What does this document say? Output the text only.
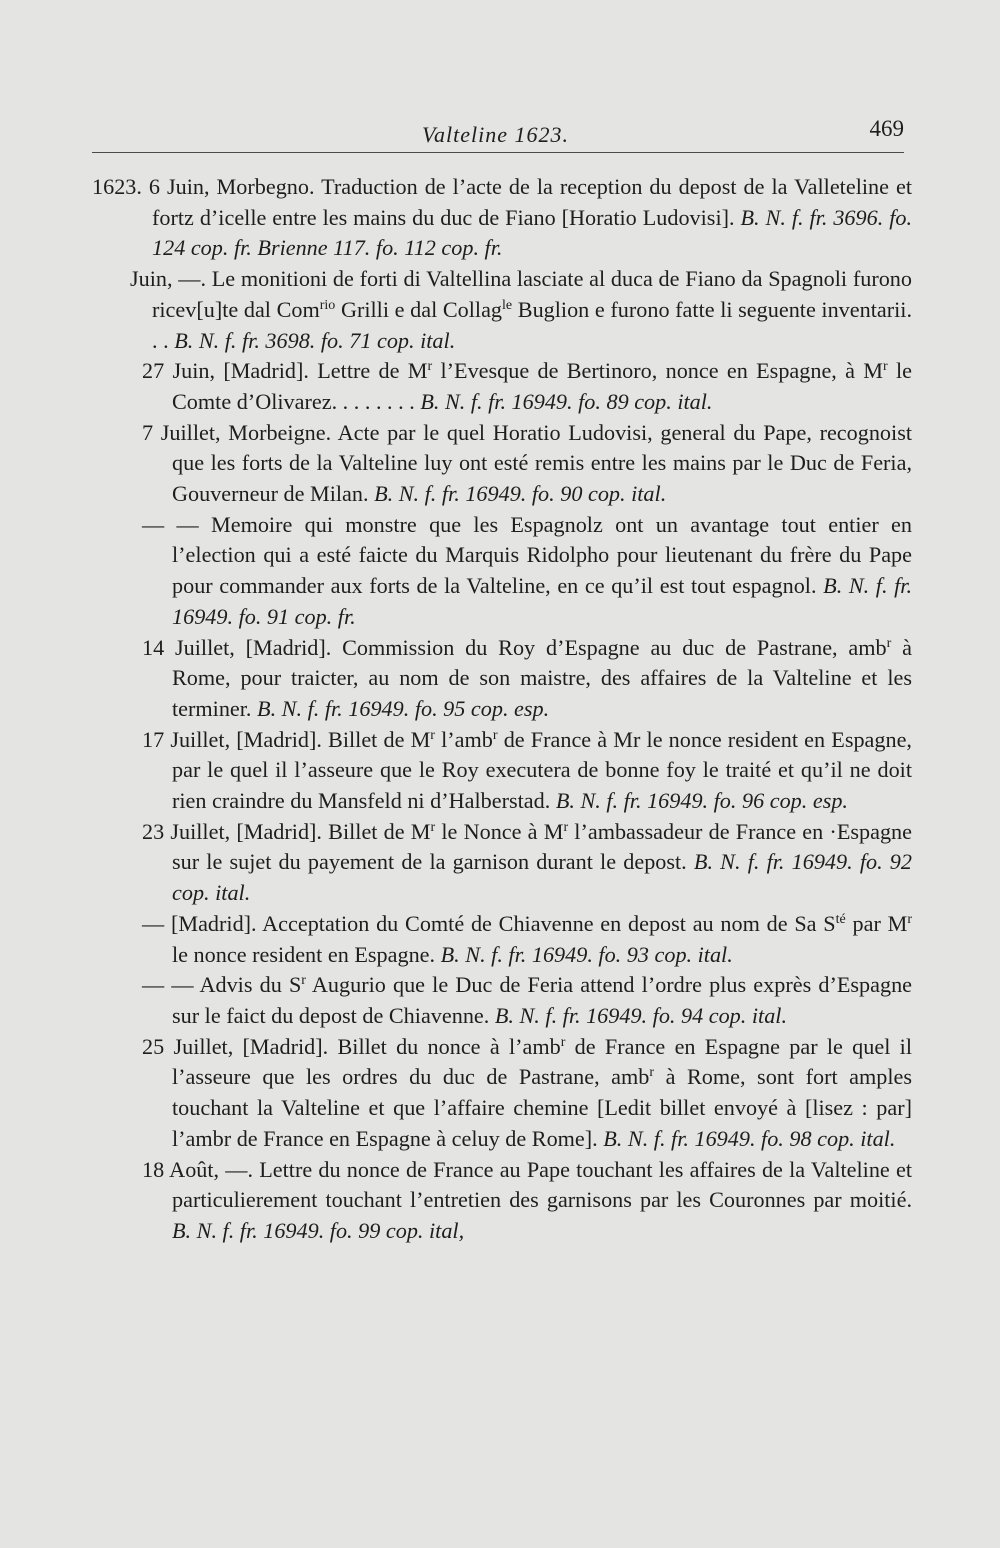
Valteline 1623.	469

1623. 6 Juin, Morbegno. Traduction de l’acte de la reception du depost de la Valleteline et fortz d’icelle entre les mains du duc de Fiano [Horatio Ludovisi]. B. N. f. fr. 3696. fo. 124 cop. fr. Brienne 117. fo. 112 cop. fr.

Juin, —. Le monitioni de forti di Valtellina lasciate al duca de Fiano da Spagnoli furono ricev[u]te dal Com$^{rio}$ Grilli e dal Collag$^{le}$ Buglion e furono fatte li seguente inventarii. . . B. N. f. fr. 3698. fo. 71 cop. ital.

27 Juin, [Madrid]. Lettre de $M^r$ l’Evesque de Bertinoro, nonce en Espagne, à $M^r$ le Comte d’Olivarez. . . . . . . . B. N. f. fr. 16949. fo. 89 cop. ital.

7 Juillet, Morbeigne. Acte par le quel Horatio Ludovisi, general du Pape, recognoist que les forts de la Valteline luy ont esté remis entre les mains par le Duc de Feria, Gouverneur de Milan. B. N. f. fr. 16949. fo. 90 cop. ital.

— — Memoire qui monstre que les Espagnolz ont un avantage tout entier en l’election qui a esté faicte du Marquis Ridolpho pour lieutenant du frère du Pape pour commander aux forts de la Valteline, en ce qu’il est tout espagnol. B. N. f. fr. 16949. fo. 91 cop. fr.

14 Juillet, [Madrid]. Commission du Roy d’Espagne au duc de Pastrane, amb$^r$ à Rome, pour traicter, au nom de son maistre, des affaires de la Valteline et les terminer. B. N. f. fr. 16949. fo. 95 cop. esp.

17 Juillet, [Madrid]. Billet de $M^r$ l’amb$^r$ de France à Mr le nonce resident en Espagne, par le quel il l’asseure que le Roy executera de bonne foy le traité et qu’il ne doit rien craindre du Mansfeld ni d’Halberstad. B. N. f. fr. 16949. fo. 96 cop. esp.

23 Juillet, [Madrid]. Billet de $M^r$ le Nonce à $M^r$ l’ambassadeur de France en ·Espagne sur le sujet du payement de la garnison durant le depost. B. N. f. fr. 16949. fo. 92 cop. ital.

— [Madrid]. Acceptation du Comté de Chiavenne en depost au nom de Sa $S^{té}$ par $M^r$ le nonce resident en Espagne. B. N. f. fr. 16949. fo. 93 cop. ital.

— — Advis du $S^r$ Augurio que le Duc de Feria attend l’ordre plus exprès d’Espagne sur le faict du depost de Chiavenne. B. N. f. fr. 16949. fo. 94 cop. ital.

25 Juillet, [Madrid]. Billet du nonce à l’amb$^r$ de France en Espagne par le quel il l’asseure que les ordres du duc de Pastrane, amb$^r$ à Rome, sont fort amples touchant la Valteline et que l’affaire chemine [Ledit billet envoyé à [lisez : par] l’ambr de France en Espagne à celuy de Rome]. B. N. f. fr. 16949. fo. 98 cop. ital.

18 Août, —. Lettre du nonce de France au Pape touchant les affaires de la Valteline et particulierement touchant l’entretien des garnisons par les Couronnes par moitié. B. N. f. fr. 16949. fo. 99 cop. ital,
